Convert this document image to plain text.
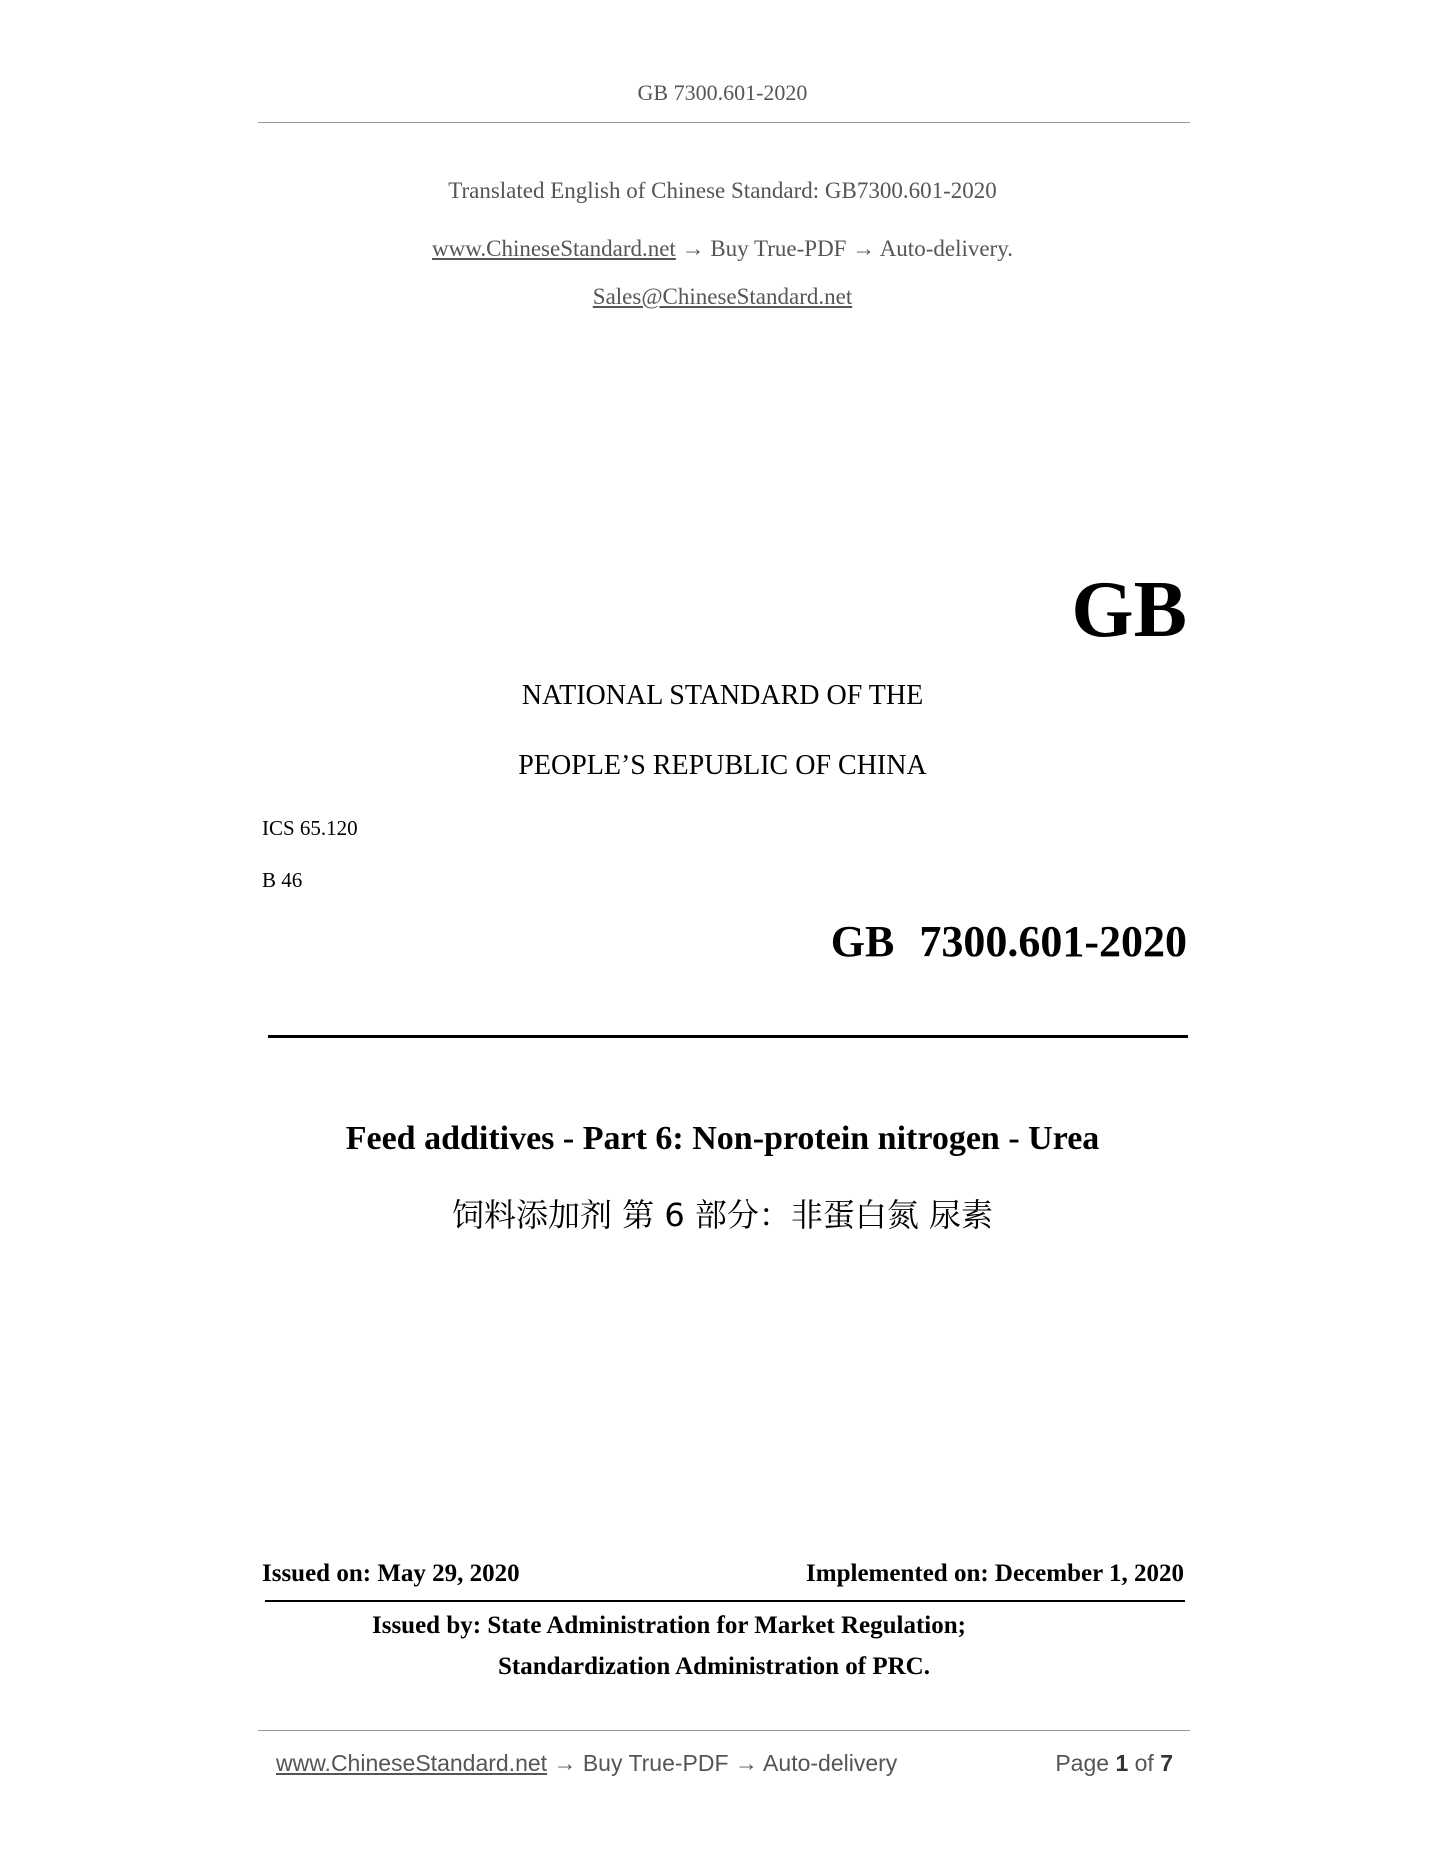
GB 7300.601-2020
Translated English of Chinese Standard: GB7300.601-2020
www.ChineseStandard.net → Buy True-PDF → Auto-delivery.
Sales@ChineseStandard.net
GB
NATIONAL STANDARD OF THE
PEOPLE’S REPUBLIC OF CHINA
ICS 65.120
B 46
GB 7300.601-2020
Feed additives - Part 6: Non-protein nitrogen - Urea
饲料添加剂 第 6 部分：非蛋白氮 尿素
Issued on: May 29, 2020	Implemented on: December 1, 2020
Issued by: State Administration for Market Regulation;
Standardization Administration of PRC.
www.ChineseStandard.net → Buy True-PDF → Auto-delivery	Page 1 of 7
